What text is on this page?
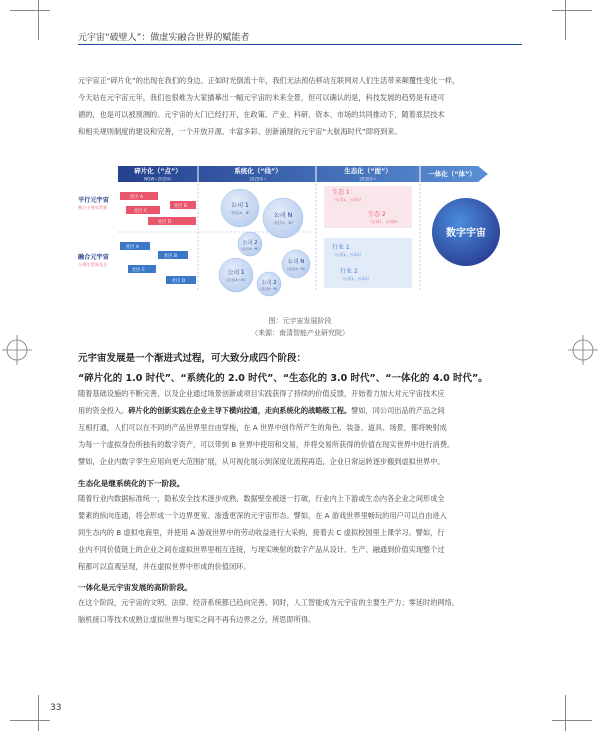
元宇宙“破壁人”：做虚实融合世界的赋能者
元宇宙正“碎片化”的出现在我们的身边。正如时光倒流十年，我们无法预估移动互联网对人们生活带来颠覆性变化一样，
今天站在元宇宙元年，我们也很难为大家描摹出一幅元宇宙的未来全景，但可以确认的是，科技发展的趋势是有迹可
循的，也是可以被预测的。元宇宙的大门已经打开，在政策、产业、科研、资本、市场的共同推动下，随着底层技术
和相关规则制度的建设和完善，一个开放开源、丰富多彩、创新涌现的元宇宙“大航海时代”即将到来。
碎片化（“点”）
NOW~2025年
系统化（“线”）
2025年~
生态化（“面”）
2030年~
一体化（“体”）
平行元宇宙
独立于现实世界
融合元宇宙
与现实世界交互
社区 A
社区 B
社区 C
社区 D
社区 A
社区 B
社区 C
社区 D
公司 1
（社区A、B）	公司 N
（社区C、D）
公司 2
（社区A～N）
公司 1
（社区A～N）	公司 2
（社区A～N）
公司 N
（社区A～N）
生态 1
（公司1、公司2）
生态 2
（公司1、公司N）
行业 1
（公司1、公司2）
行业 2
（公司1、公司2）
数字宇宙
图：元宇宙发展阶段
（来源：南清智能产业研究院）
元宇宙发展是一个渐进式过程，可大致分成四个阶段：
“碎片化的 1.0 时代”、“系统化的 2.0 时代”、“生态化的 3.0 时代”、“一体化的 4.0 时代”。
随着基础设施的不断完善，以及企业通过场景创新或项目实践获得了持续的价值反馈，开始着力加大对元宇宙技术应
用的资金投入。碎片化的创新实践在企业主导下横向拉通，走向系统化的战略级工程。譬如，同公司出品的产品之间
互相打通，人们可以在不同的产品世界里自由穿梭，在 A 世界中创作所产生的角色、装备、道具、场景，都将映射成
为每一个虚拟身份所独有的数字资产，可以带到 B 世界中使用和交易，并将交易所获得的价值在现实世界中进行消费。
譬如，企业内数字孪生应用向更大范围扩展，从可视化展示到深度化流程再造，企业日常运转逐步搬到虚拟世界中。
生态化是继系统化的下一阶段。
随着行业内数据标准统一，隐私安全技术逐步成熟，数据壁垒被逐一打破，行业内上下游或生态内各企业之间形成全
要素的纵向连通，将会形成一个边界更宽、渗透更深的元宇宙形态。譬如，在 A 游戏世界里畅玩的用户可以自由进入
同生态内的 B 虚拟电商里，并使用 A 游戏世界中的劳动收益进行大采购，接着去 C 虚拟校园里上课学习。譬如，行
业内不同价值链上的企业之间在虚拟世界里相互连接，与现实映射的数字产品从设计、生产、融通到价值实现整个过
程都可以直观呈现，并在虚拟世界中形成的价值闭环。
一体化是元宇宙发展的高阶阶段。
在这个阶段，元宇宙的文明、法律、经济系统都已趋向完善。同时，人工智能成为元宇宙的主要生产力；零延时的网络，
脑机接口等技术成熟让虚拟世界与现实之间不再有边界之分，所思即所得。
33
